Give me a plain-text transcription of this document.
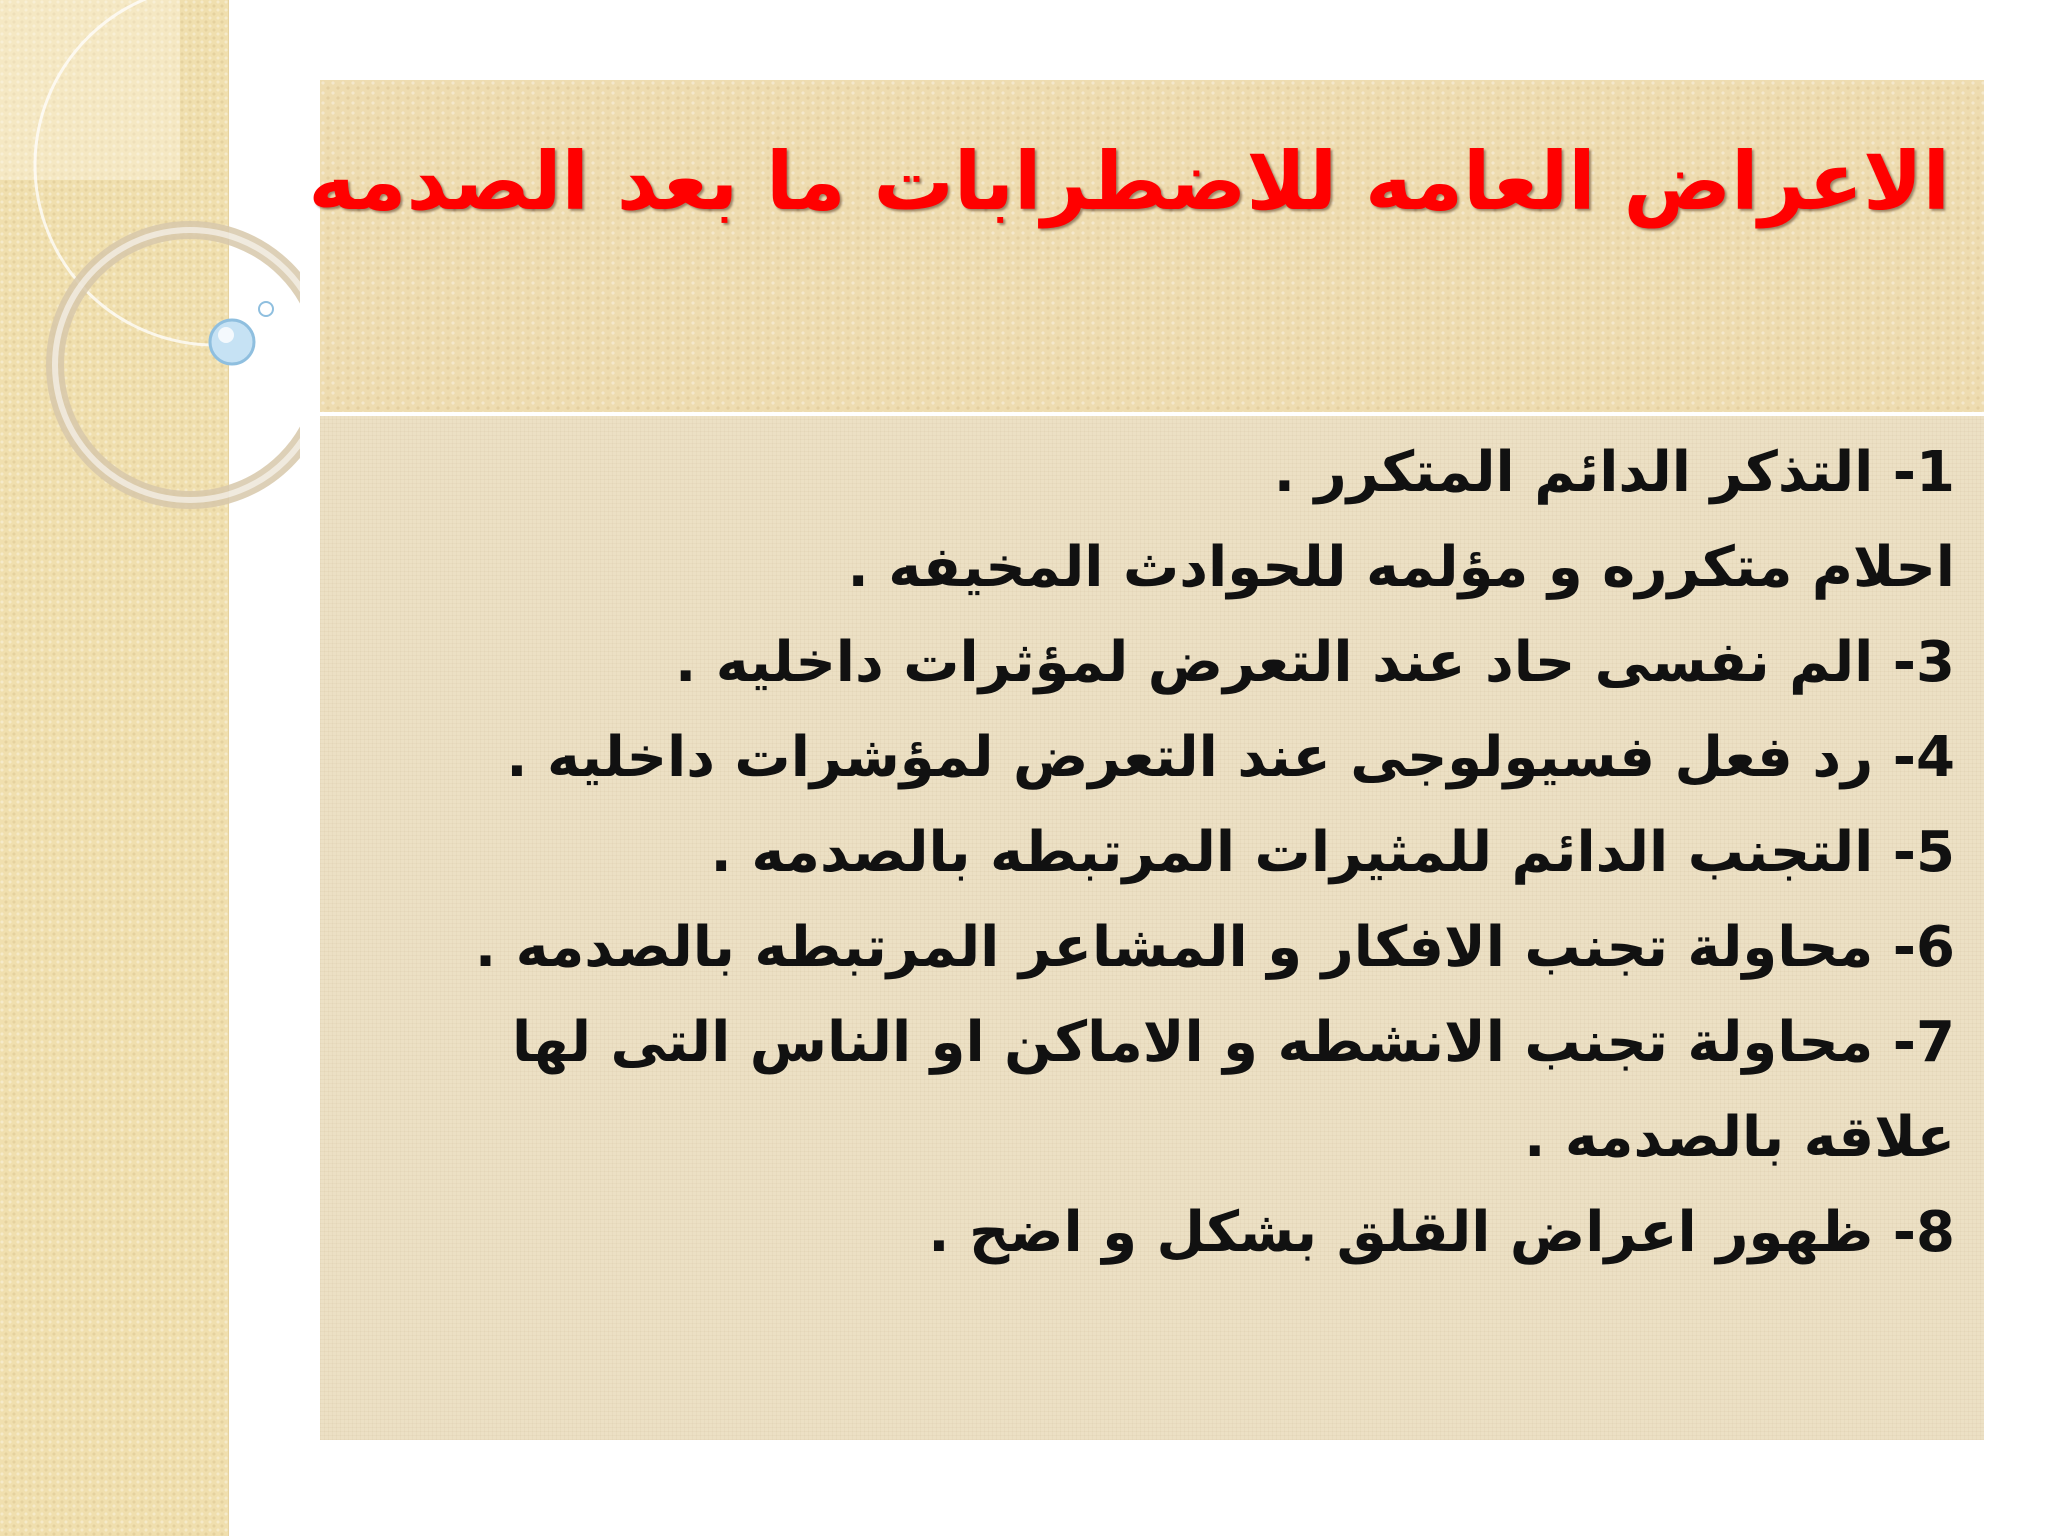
الاعراض العامه للاضطرابات ما بعد الصدمه
1- التذكر الدائم المتكرر .
احلام متكرره و مؤلمه للحوادث المخيفه .
3- الم نفسى حاد عند التعرض لمؤثرات داخليه .
4- رد فعل فسيولوجى عند التعرض لمؤشرات داخليه .
5- التجنب الدائم للمثيرات المرتبطه بالصدمه .
6- محاولة تجنب الافكار و المشاعر المرتبطه بالصدمه .
7- محاولة تجنب الانشطه و الاماكن او الناس التى لها علاقه بالصدمه .
8- ظهور اعراض القلق بشكل و اضح .
